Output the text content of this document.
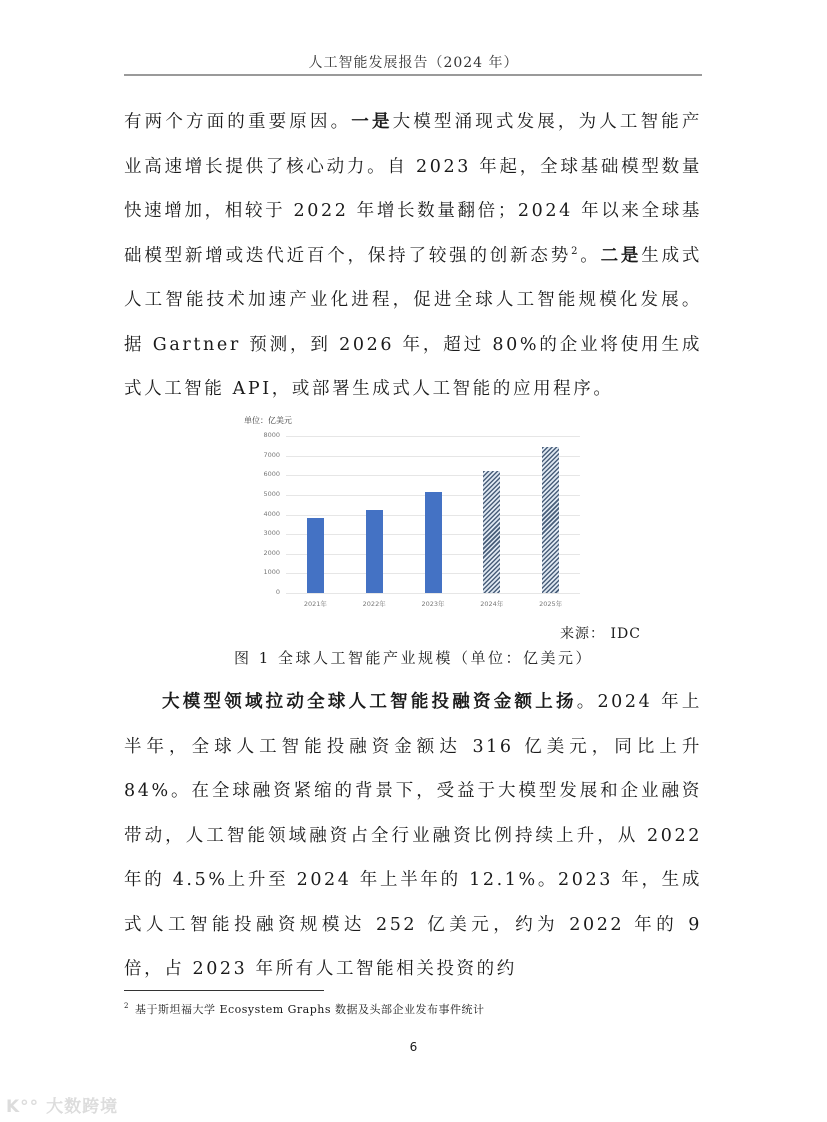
人工智能发展报告（2024 年）
有两个方面的重要原因。一是大模型涌现式发展，为人工智能产业高速增长提供了核心动力。自 2023 年起，全球基础模型数量快速增加，相较于 2022 年增长数量翻倍；2024 年以来全球基础模型新增或迭代近百个，保持了较强的创新态势$^2$。二是生成式人工智能技术加速产业化进程，促进全球人工智能规模化发展。据 Gartner 预测，到 2026 年，超过 80%的企业将使用生成式人工智能 API，或部署生成式人工智能的应用程序。
单位：亿美元
8000
7000
6000
5000
4000
3000
2000
1000
0
2021年	2022年	2023年	2024年	2025年
来源： IDC
图 1 全球人工智能产业规模（单位：亿美元）
大模型领域拉动全球人工智能投融资金额上扬。2024 年上半年，全球人工智能投融资金额达 316 亿美元，同比上升 84%。在全球融资紧缩的背景下，受益于大模型发展和企业融资带动，人工智能领域融资占全行业融资比例持续上升，从 2022 年的 4.5%上升至 2024 年上半年的 12.1%。2023 年，生成式人工智能投融资规模达 252 亿美元，约为 2022 年的 9 倍，占 2023 年所有人工智能相关投资的约
$^2$ 基于斯坦福大学 Ecosystem Graphs 数据及头部企业发布事件统计
6
K°° 大数跨境
